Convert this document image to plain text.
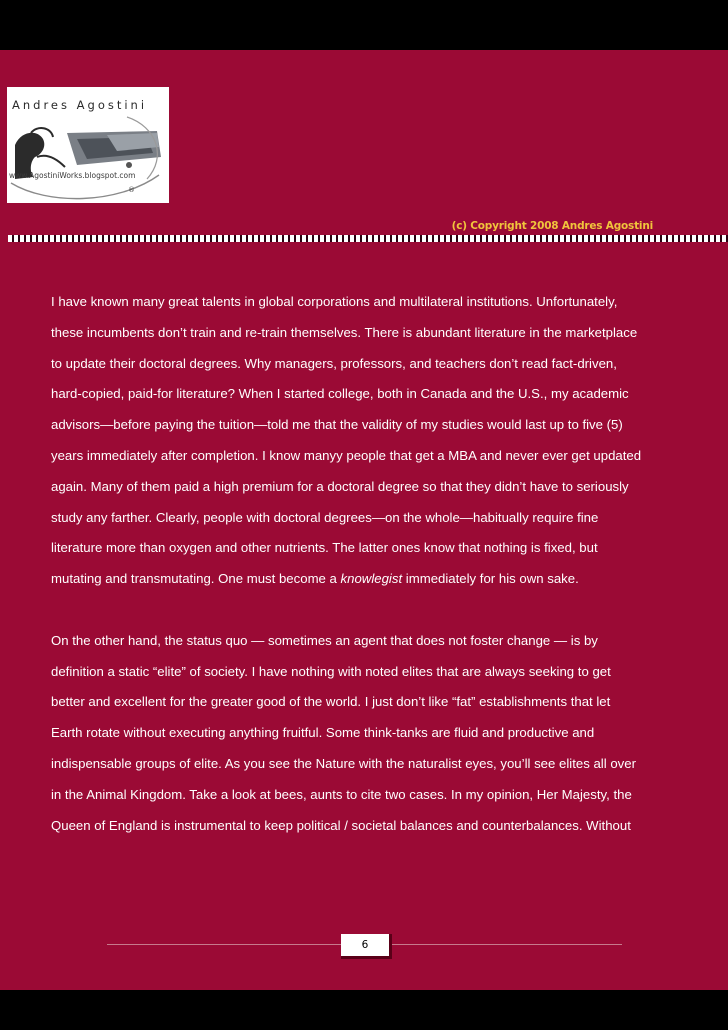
Andres Agostini
www.AgostiniWorks.blogspot.com
®
(c) Copyright 2008 Andres Agostini

I have known many great talents in global corporations and multilateral institutions. Unfortunately,

these incumbents don’t train and re-train themselves. There is abundant literature in the marketplace

to update their doctoral degrees. Why managers, professors, and teachers don’t read fact-driven,

hard-copied, paid-for literature? When I started college, both in Canada and the U.S., my academic

advisors—before paying the tuition—told me that the validity of my studies would last up to five (5)

years immediately after completion. I know manyy people that get a MBA and never ever get updated

again. Many of them paid a high premium for a doctoral degree so that they didn’t have to seriously

study any farther. Clearly, people with doctoral degrees—on the whole—habitually require fine

literature more than oxygen and other nutrients. The latter ones know that nothing is fixed, but

mutating and transmutating. One must become a knowlegist immediately for his own sake.

On the other hand, the status quo — sometimes an agent that does not foster change — is by

definition a static “elite” of society. I have nothing with noted elites that are always seeking to get

better and excellent for the greater good of the world. I just don’t like “fat” establishments that let

Earth rotate without executing anything fruitful. Some think-tanks are fluid and productive and

indispensable groups of elite. As you see the Nature with the naturalist eyes, you’ll see elites all over

in the Animal Kingdom. Take a look at bees, aunts to cite two cases. In my opinion, Her Majesty, the

Queen of England is instrumental to keep political / societal balances and counterbalances. Without

6
